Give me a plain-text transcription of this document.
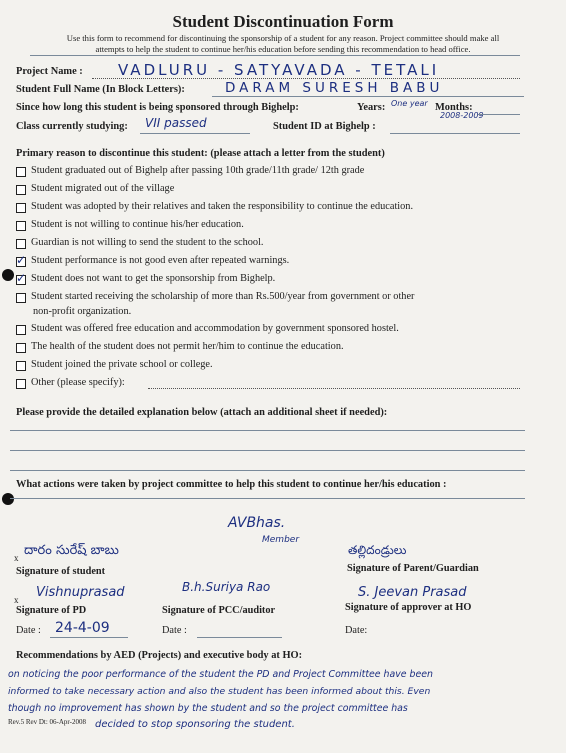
Student Discontinuation Form
Use this form to recommend for discontinuing the sponsorship of a student for any reason. Project committee should make all
attempts to help the student to continue her/his education before sending this recommendation to head office.
Project Name : VADLURU - SATYAVADA - TETALI
Student Full Name (In Block Letters):	DARAM SURESH BABU
Since how long this student is being sponsored through Bighelp:	Years: One year Months:
2008-2009
Class currently studying: VII passed	Student ID at Bighelp :
Primary reason to discontinue this student: (please attach a letter from the student)
Student graduated out of Bighelp after passing 10th grade/11th grade/ 12th grade
Student migrated out of the village
Student was adopted by their relatives and taken the responsibility to continue the education.
Student is not willing to continue his/her education.
Guardian is not willing to send the student to the school.
✓ Student performance is not good even after repeated warnings.
✓ Student does not want to get the sponsorship from Bighelp.
Student started receiving the scholarship of more than Rs.500/year from government or other
non-profit organization.
Student was offered free education and accommodation by government sponsored hostel.
The health of the student does not permit her/him to continue the education.
Student joined the private school or college.
Other (please specify):
Please provide the detailed explanation below (attach an additional sheet if needed):
What actions were taken by project committee to help this student to continue her/his education :
AVBhas.
Member
x దారం సురేష్ బాబు	తల్లిదండ్రులు
Signature of student	Signature of Parent/Guardian
x Vishnuprasad	B.h.Suriya Rao	S. Jeevan Prasad
Signature of PD	Signature of PCC/auditor	Signature of approver at HO
Date : 24-4-09	Date :	Date:
Recommendations by AED (Projects) and executive body at HO:
on noticing the poor performance of the student the PD and Project Committee have been
informed to take necessary action and also the student has been informed about this. Even
though no improvement has shown by the student and so the project committee has
decided to stop sponsoring the student.
Rev.5 Rev Dt: 06-Apr-2008
